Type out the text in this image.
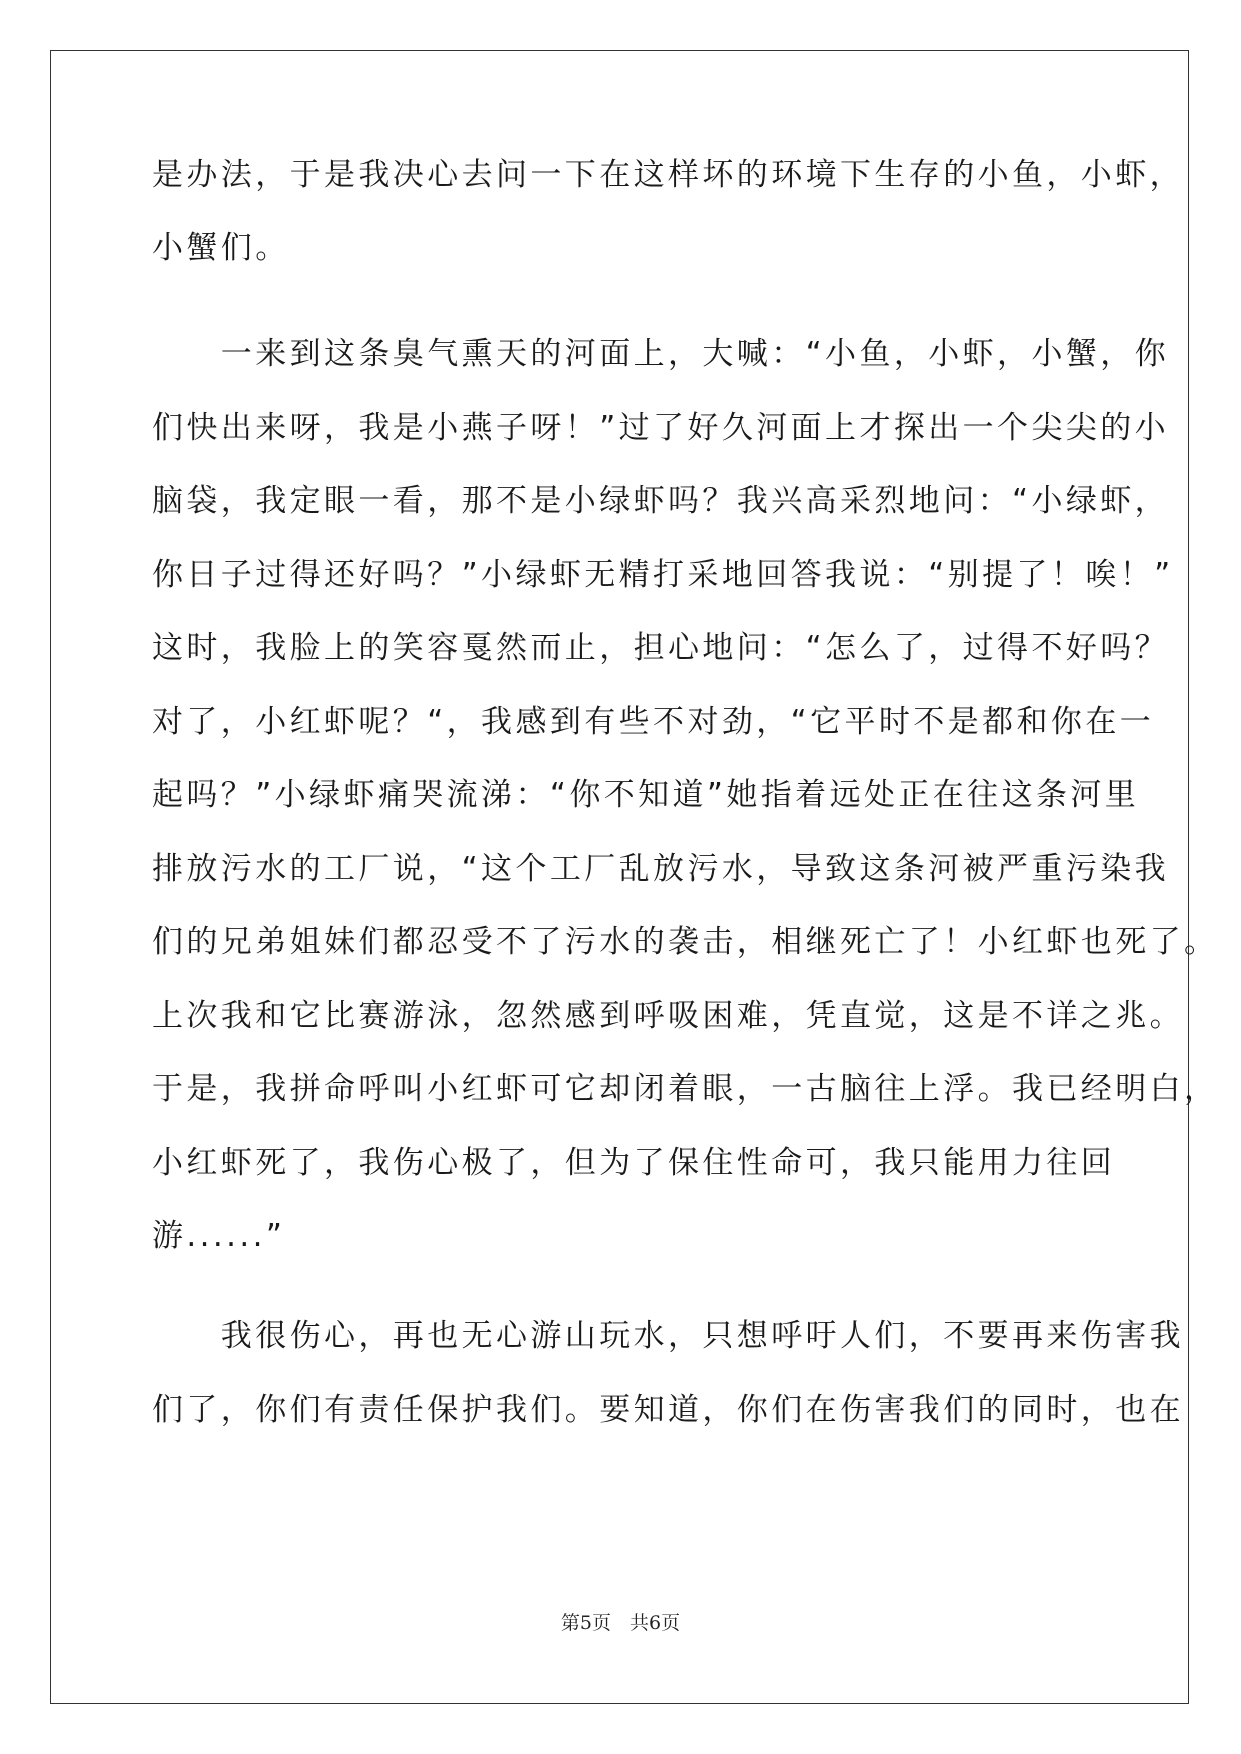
是办法，于是我决心去问一下在这样坏的环境下生存的小鱼，小虾，
小蟹们。
　　一来到这条臭气熏天的河面上，大喊：“小鱼，小虾，小蟹，你
们快出来呀，我是小燕子呀！”过了好久河面上才探出一个尖尖的小
脑袋，我定眼一看，那不是小绿虾吗？我兴高采烈地问：“小绿虾，
你日子过得还好吗？”小绿虾无精打采地回答我说：“别提了！唉！”
这时，我脸上的笑容戛然而止，担心地问：“怎么了，过得不好吗？
对了，小红虾呢？“，我感到有些不对劲，“它平时不是都和你在一
起吗？”小绿虾痛哭流涕：“你不知道”她指着远处正在往这条河里
排放污水的工厂说，“这个工厂乱放污水，导致这条河被严重污染我
们的兄弟姐妹们都忍受不了污水的袭击，相继死亡了！小红虾也死了。
上次我和它比赛游泳，忽然感到呼吸困难，凭直觉，这是不详之兆。
于是，我拼命呼叫小红虾可它却闭着眼，一古脑往上浮。我已经明白，
小红虾死了，我伤心极了，但为了保住性命可，我只能用力往回
游......”
　　我很伤心，再也无心游山玩水，只想呼吁人们，不要再来伤害我
们了，你们有责任保护我们。要知道，你们在伤害我们的同时，也在
第5页　共6页
